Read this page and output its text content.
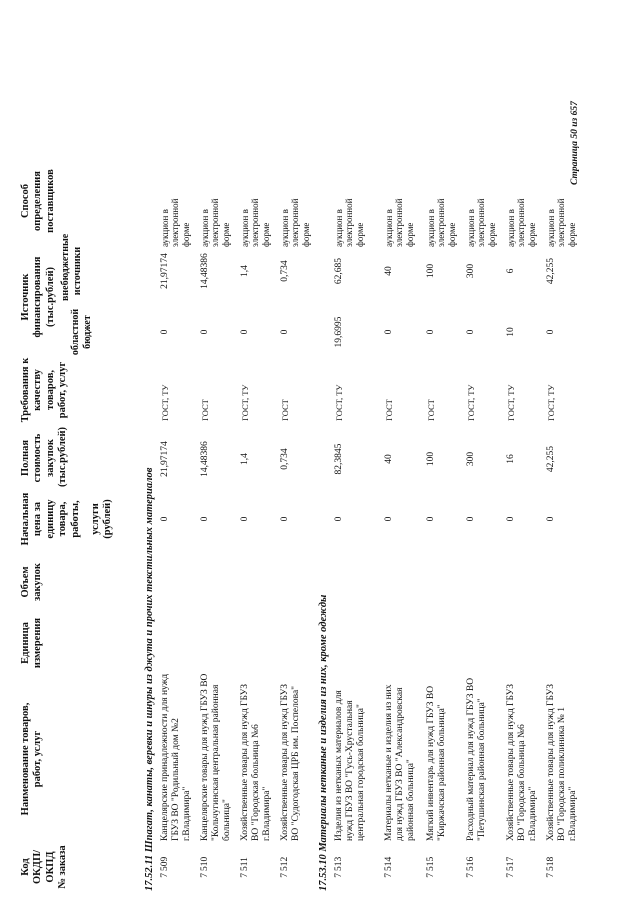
Код ОКДП/ ОКПД № заказа
Наименование товаров, работ, услуг
Единица измерения
Объем закупок
Начальная цена за единицу товара, работы, услуги (рублей)
Полная стоимость закупок (тыс.рублей)
Требования к качеству товаров, работ, услуг
Источник финансирования (тыс.рублей)
областной бюджет
внебюджетные источники
Способ определения поставщиков
17.52.11 Шпагат, канаты, веревки и шнуры из джута и прочих текстильных материалов
7
509
Канцелярские принадлежности для нужд ГБУЗ ВО "Родильный дом №2 г.Владимира"
0
21,97174
ГОСТ, ТУ
0
21,97174
аукцион в электронной форме
7
510
Канцелярские товары для нужд ГБУЗ ВО "Кольчугинская центральная районная больница"
0
14,48386
ГОСТ
0
14,48386
аукцион в электронной форме
7
511
Хозяйственные товары для нужд ГБУЗ ВО "Городская больница №6 г.Владимира"
0
1,4
ГОСТ, ТУ
0
1,4
аукцион в электронной форме
7
512
Хозяйственные товары для нужд ГБУЗ ВО "Судогодская ЦРБ им. Поспелова"
0
0,734
ГОСТ
0
0,734
аукцион в электронной форме
17.53.10 Материалы нетканые и изделия из них, кроме одежды
7
513
Изделия из нетканых материалов для нужд ГБУЗ ВО "Гусь-Хрустальная центральная городская больница"
0
82,3845
ГОСТ, ТУ
19,6995
62,685
аукцион в электронной форме
7
514
Материалы нетканые и изделия из них для нужд ГБУЗ ВО "Александровская районная больница"
0
40
ГОСТ
0
40
аукцион в электронной форме
7
515
Мягкий инвентарь для нужд ГБУЗ ВО "Киржачская районная больница"
0
100
ГОСТ
0
100
аукцион в электронной форме
7
516
Расходный материал для нужд ГБУЗ ВО "Петушинская районная больница"
0
300
ГОСТ, ТУ
0
300
аукцион в электронной форме
7
517
Хозяйственные товары для нужд ГБУЗ ВО "Городская больница №6 г.Владимира"
0
16
ГОСТ, ТУ
10
6
аукцион в электронной форме
7
518
Хозяйственные товары для нужд ГБУЗ ВО "Городская поликлиника № 1 г.Владимира"
0
42,255
ГОСТ, ТУ
0
42,255
аукцион в электронной форме
Страница 50 из 657
